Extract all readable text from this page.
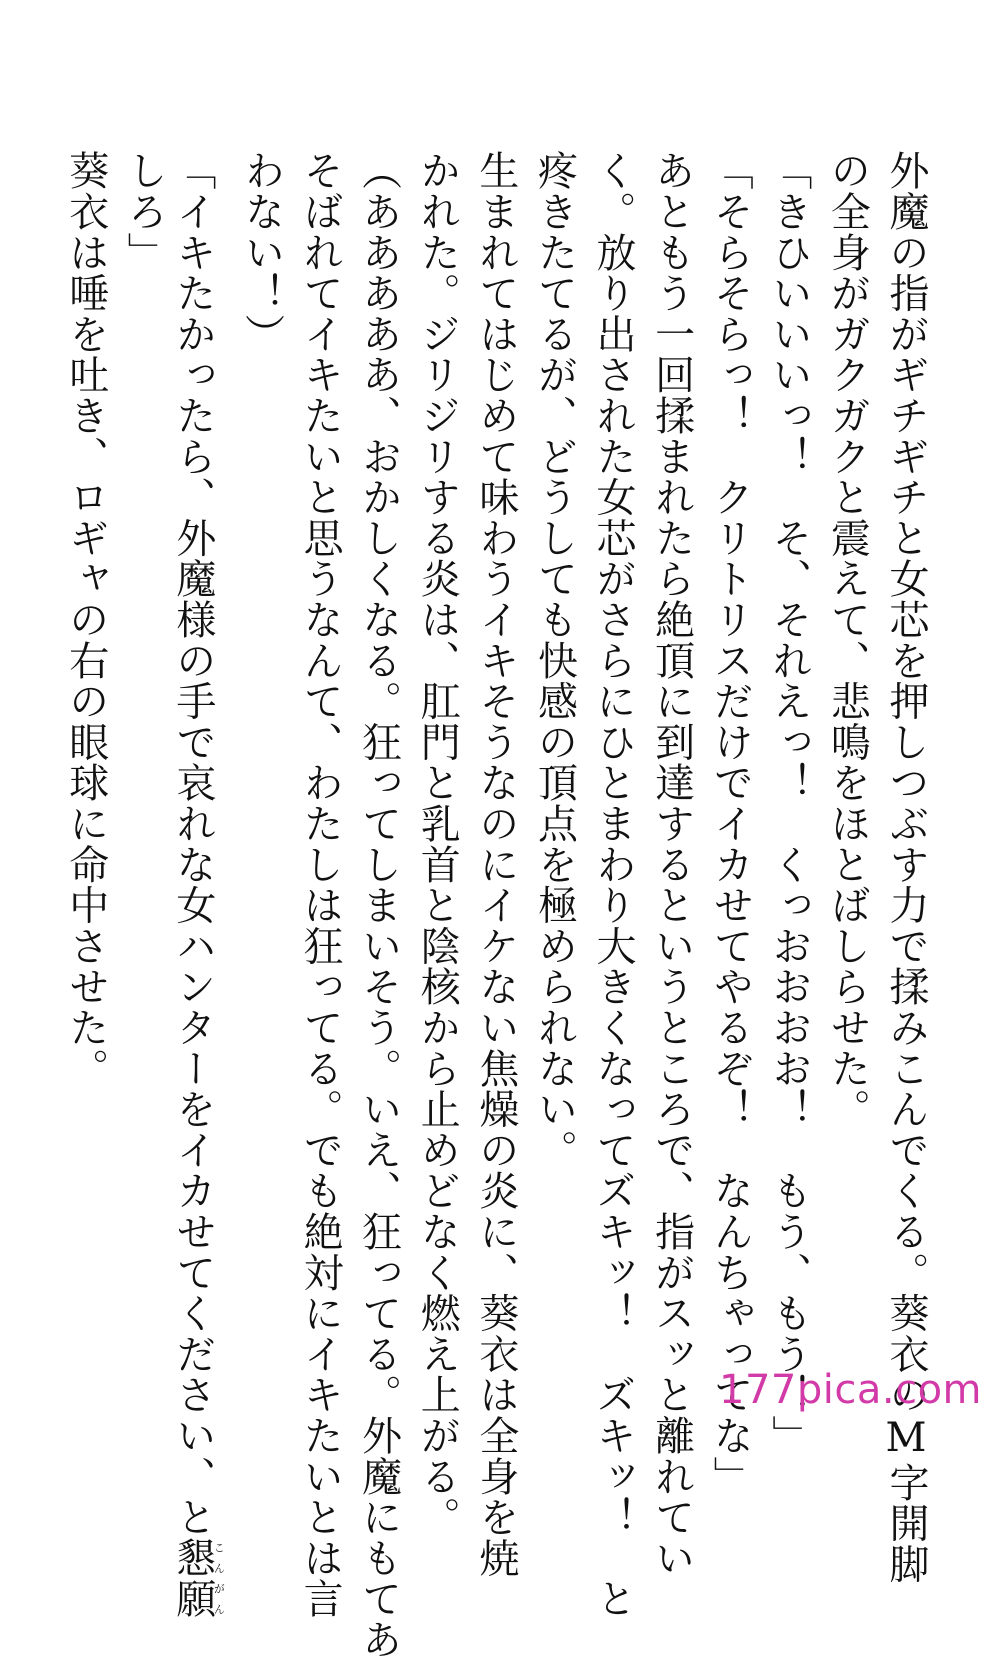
外魔の指がギチギチと女芯を押しつぶす力で揉みこんでくる。葵衣のM字開脚

の全身がガクガクと震えて、悲鳴をほとばしらせた。

「きひいいいっ！　そ、それえっ！　くっおおおお！　もう、もう！」

「そらそらっ！　クリトリスだけでイカせてやるぞ！　なんちゃってな」

あともう一回揉まれたら絶頂に到達するというところで、指がスッと離れてい

く。放り出された女芯がさらにひとまわり大きくなってズキッ！　ズキッ！　と

疼きたてるが、どうしても快感の頂点を極められない。

生まれてはじめて味わうイキそうなのにイケない焦燥の炎に、葵衣は全身を焼

かれた。ジリジリする炎は、肛門と乳首と陰核から止めどなく燃え上がる。

（あああああ、おかしくなる。狂ってしまいそう。いえ、狂ってる。外魔にもてあ

そばれてイキたいと思うなんて、わたしは狂ってる。でも絶対にイキたいとは言

わない！）

「イキたかったら、外魔様の手で哀れな女ハンターをイカせてください、と懇願こんがん

しろ」

葵衣は唾を吐き、ロギャの右の眼球に命中させた。

177pica.com
